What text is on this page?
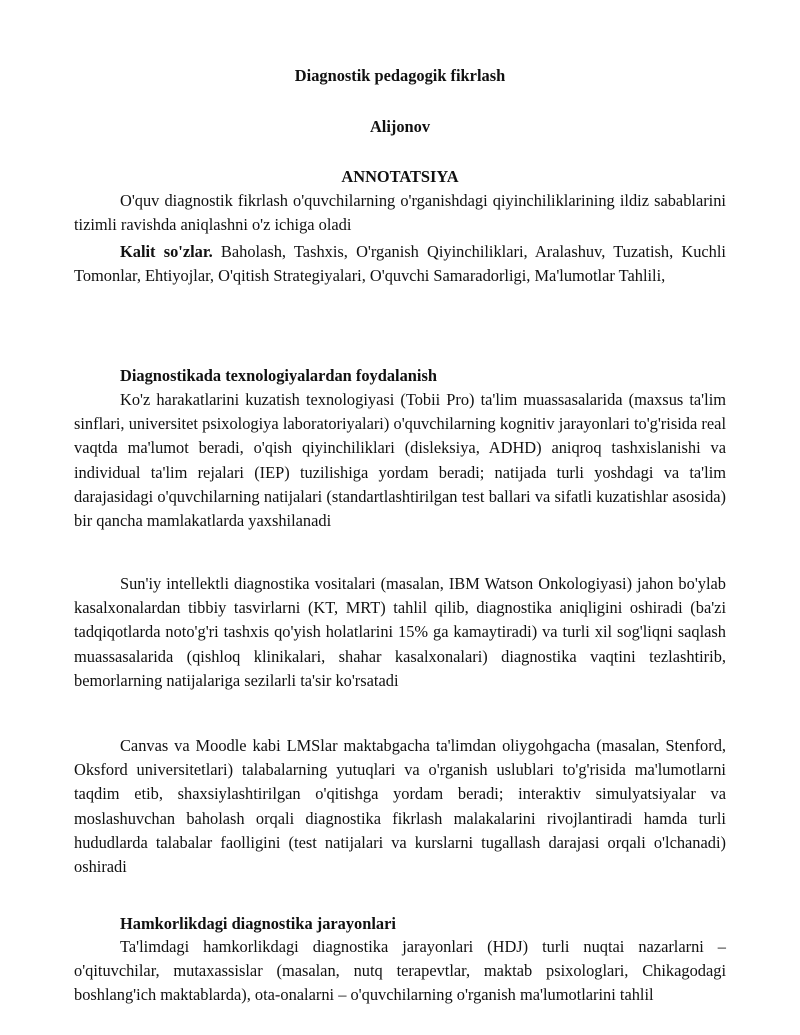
Diagnostik pedagogik fikrlash
Alijonov
ANNOTATSIYA
O'quv diagnostik fikrlash o'quvchilarning o'rganishdagi qiyinchiliklarining ildiz sabablarini tizimli ravishda aniqlashni o'z ichiga oladi
Kalit so'zlar. Baholash, Tashxis, O'rganish Qiyinchiliklari, Aralashuv, Tuzatish, Kuchli Tomonlar, Ehtiyojlar, O'qitish Strategiyalari, O'quvchi Samaradorligi, Ma'lumotlar Tahlili,
Diagnostikada texnologiyalardan foydalanish
Ko'z harakatlarini kuzatish texnologiyasi (Tobii Pro) ta'lim muassasalarida (maxsus ta'lim sinflari, universitet psixologiya laboratoriyalari) o'quvchilarning kognitiv jarayonlari to'g'risida real vaqtda ma'lumot beradi, o'qish qiyinchiliklari (disleksiya, ADHD) aniqroq tashxislanishi va individual ta'lim rejalari (IEP) tuzilishiga yordam beradi; natijada turli yoshdagi va ta'lim darajasidagi o'quvchilarning natijalari (standartlashtirilgan test ballari va sifatli kuzatishlar asosida) bir qancha mamlakatlarda yaxshilanadi
Sun'iy intellektli diagnostika vositalari (masalan, IBM Watson Onkologiyasi) jahon bo'ylab kasalxonalardan tibbiy tasvirlarni (KT, MRT) tahlil qilib, diagnostika aniqligini oshiradi (ba'zi tadqiqotlarda noto'g'ri tashxis qo'yish holatlarini 15% ga kamaytiradi) va turli xil sog'liqni saqlash muassasalarida (qishloq klinikalari, shahar kasalxonalari) diagnostika vaqtini tezlashtirib, bemorlarning natijalariga sezilarli ta'sir ko'rsatadi
Canvas va Moodle kabi LMSlar maktabgacha ta'limdan oliygohgacha (masalan, Stenford, Oksford universitetlari) talabalarning yutuqlari va o'rganish uslublari to'g'risida ma'lumotlarni taqdim etib, shaxsiylashtirilgan o'qitishga yordam beradi; interaktiv simulyatsiyalar va moslashuvchan baholash orqali diagnostika fikrlash malakalarini rivojlantiradi hamda turli hududlarda talabalar faolligini (test natijalari va kurslarni tugallash darajasi orqali o'lchanadi) oshiradi
Hamkorlikdagi diagnostika jarayonlari
Ta'limdagi hamkorlikdagi diagnostika jarayonlari (HDJ) turli nuqtai nazarlarni – o'qituvchilar, mutaxassislar (masalan, nutq terapevtlar, maktab psixologlari, Chikagodagi boshlang'ich maktablarda), ota-onalarni – o'quvchilarning o'rganish ma'lumotlarini tahlil
